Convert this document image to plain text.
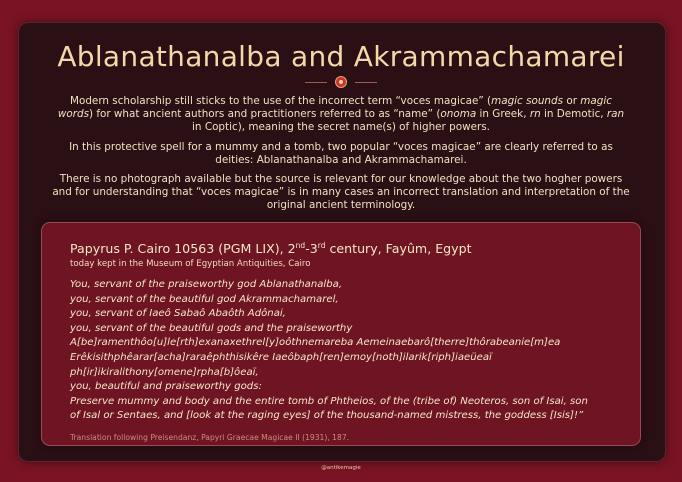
Ablanathanalba and Akrammachamarei

Modern scholarship still sticks to the use of the incorrect term “voces magicae” (magic sounds or magic words) for what ancient authors and practitioners referred to as “name” (onoma in Greek, rn in Demotic, ran in Coptic), meaning the secret name(s) of higher powers.

In this protective spell for a mummy and a tomb, two popular “voces magicae” are clearly referred to as deities: Ablanathanalba and Akrammachamarei.

There is no photograph available but the source is relevant for our knowledge about the two hogher powers and for understanding that “voces magicae” is in many cases an incorrect translation and interpretation of the original ancient terminology.

Papyrus P. Cairo 10563 (PGM LIX), 2nd-3rd century, Fayûm, Egypt
today kept in the Museum of Egyptian Antiquities, Cairo
You, servant of the praiseworthy god Ablanathanalba,
you, servant of the beautiful god Akrammachamarel,
you, servant of Iaeô Sabaô Abaôth Adônai,
you, servant of the beautiful gods and the praiseworthy
A[be]ramenthôo[u]le[rth]exanaxethrel[y]oôthnemareba Aemeinaebarô[therre]thôrabeanie[m]ea
Erêkisithphêarar[acha]raraêphthisikêre Iaeôbaph[ren]emoy[noth]ilarik[riph]iaeüeaï
ph[ir]ikiralithony[omene]rpha[b]ôeaï,
you, beautiful and praiseworthy gods:
Preserve mummy and body and the entire tomb of Phtheios, of the (tribe of) Neoteros, son of Isai, son
of Isal or Sentaes, and [look at the raging eyes] of the thousand-named mistress, the goddess [Isis]!”
Translation following Preisendanz, Papyri Graecae Magicae II (1931), 187.
@antikemagie
